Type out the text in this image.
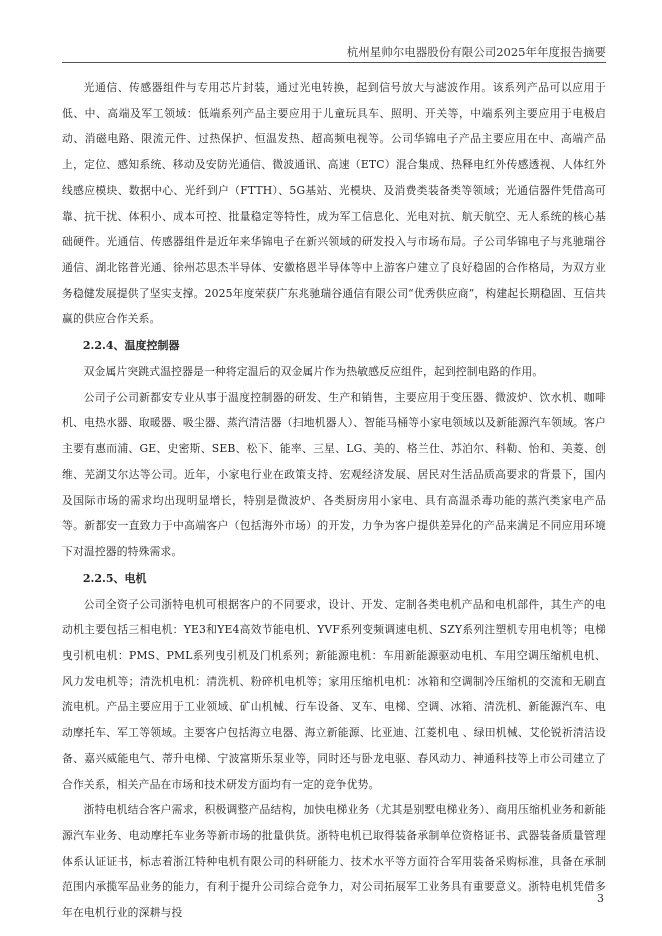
杭州星帅尔电器股份有限公司2025年年度报告摘要

光通信、传感器组件与专用芯片封装，通过光电转换，起到信号放大与滤波作用。该系列产品可以应用于低、中、高端及军工领域：低端系列产品主要应用于儿童玩具车、照明、开关等，中端系列主要应用于电极启动、消磁电路、限流元件、过热保护、恒温发热、超高频电视等。公司华锦电子产品主要应用在中、高端产品上，定位、感知系统、移动及安防光通信、微波通讯、高速（ETC）混合集成、热释电红外传感透视、人体红外线感应模块、数据中心、光纤到户（FTTH）、5G基站、光模块、及消费类装备类等领域；光通信器件凭借高可靠、抗干扰、体积小、成本可控、批量稳定等特性，成为军工信息化、光电对抗、航天航空、无人系统的核心基础硬件。光通信、传感器组件是近年来华锦电子在新兴领域的研发投入与市场布局。子公司华锦电子与兆驰瑞谷通信、湖北铭普光通、徐州芯思杰半导体、安徽格恩半导体等中上游客户建立了良好稳固的合作格局，为双方业务稳健发展提供了坚实支撑。2025年度荣获广东兆驰瑞谷通信有限公司“优秀供应商”，构建起长期稳固、互信共赢的供应合作关系。

2.2.4、温度控制器

双金属片突跳式温控器是一种将定温后的双金属片作为热敏感反应组件，起到控制电路的作用。

公司子公司新都安专业从事于温度控制器的研发、生产和销售，主要应用于变压器、微波炉、饮水机、咖啡机、电热水器、取暖器、吸尘器、蒸汽清洁器（扫地机器人）、智能马桶等小家电领域以及新能源汽车领域。客户主要有惠而浦、GE、史密斯、SEB、松下、能率、三星、LG、美的、格兰仕、苏泊尔、科勒、怡和、美菱、创维、芜湖艾尔达等公司。近年，小家电行业在政策支持、宏观经济发展、居民对生活品质高要求的背景下，国内及国际市场的需求均出现明显增长，特别是微波炉、各类厨房用小家电、具有高温杀毒功能的蒸汽类家电产品等。新都安一直致力于中高端客户（包括海外市场）的开发，力争为客户提供差异化的产品来满足不同应用环境下对温控器的特殊需求。

2.2.5、电机

公司全资子公司浙特电机可根据客户的不同要求，设计、开发、定制各类电机产品和电机部件，其生产的电动机主要包括三相电机：YE3和YE4高效节能电机、YVF系列变频调速电机、SZY系列注塑机专用电机等；电梯曳引机电机：PMS、PML系列曳引机及门机系列；新能源电机：车用新能源驱动电机、车用空调压缩机电机、风力发电机等；清洗机电机：清洗机、粉碎机电机等；家用压缩机电机：冰箱和空调制冷压缩机的交流和无刷直流电机。产品主要应用于工业领域、矿山机械、行车设备、叉车、电梯、空调、冰箱、清洗机、新能源汽车、电动摩托车、军工等领域。主要客户包括海立电器、海立新能源、比亚迪、江菱机电 、绿田机械、艾伦锐祈清洁设备、嘉兴威能电气、蒂升电梯、宁波富斯乐泵业等，同时还与卧龙电驱、春风动力、神通科技等上市公司建立了合作关系，相关产品在市场和技术研发方面均有一定的竞争优势。

浙特电机结合客户需求，积极调整产品结构，加快电梯业务（尤其是别墅电梯业务）、商用压缩机业务和新能源汽车业务、电动摩托车业务等新市场的批量供货。浙特电机已取得装备承制单位资格证书、武器装备质量管理体系认证证书，标志着浙江特种电机有限公司的科研能力、技术水平等方面符合军用装备采购标准，具备在承制范围内承揽军品业务的能力，有利于提升公司综合竞争力，对公司拓展军工业务具有重要意义。浙特电机凭借多年在电机行业的深耕与投

3
